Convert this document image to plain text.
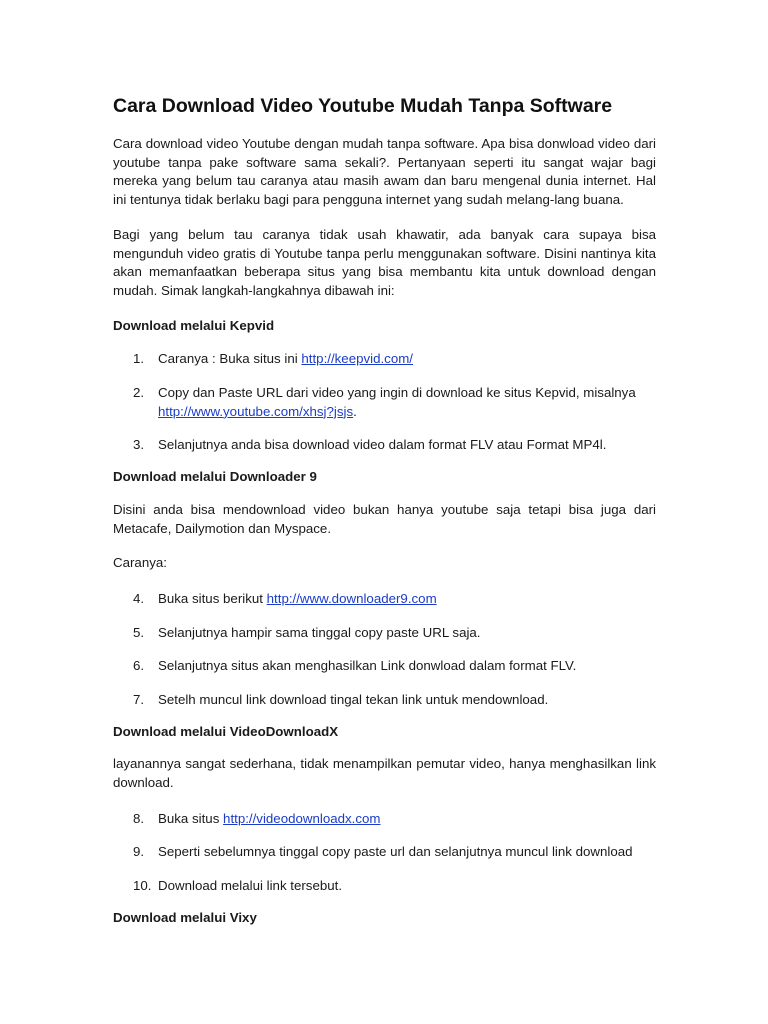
Cara Download Video Youtube Mudah Tanpa Software

Cara download video Youtube dengan mudah tanpa software. Apa bisa donwload video dari youtube tanpa pake software sama sekali?. Pertanyaan seperti itu sangat wajar bagi mereka yang belum tau caranya atau masih awam dan baru mengenal dunia internet. Hal ini tentunya tidak berlaku bagi para pengguna internet yang sudah melang-lang buana.

Bagi yang belum tau caranya tidak usah khawatir, ada banyak cara supaya bisa mengunduh video gratis di Youtube tanpa perlu menggunakan software. Disini nantinya kita akan memanfaatkan beberapa situs yang bisa membantu kita untuk download dengan mudah. Simak langkah-langkahnya dibawah ini:

Download melalui Kepvid

1. Caranya : Buka situs ini http://keepvid.com/
2. Copy dan Paste URL dari video yang ingin di download ke situs Kepvid, misalnya http://www.youtube.com/xhsj?jsjs.
3. Selanjutnya anda bisa download video dalam format FLV atau Format MP4l.

Download melalui Downloader 9

Disini anda bisa mendownload video bukan hanya youtube saja tetapi bisa juga dari Metacafe, Dailymotion dan Myspace.

Caranya:

4. Buka situs berikut http://www.downloader9.com
5. Selanjutnya hampir sama tinggal copy paste URL saja.
6. Selanjutnya situs akan menghasilkan Link donwload dalam format FLV.
7. Setelh muncul link download tingal tekan link untuk mendownload.

Download melalui VideoDownloadX

layanannya sangat sederhana, tidak menampilkan pemutar video, hanya menghasilkan link download.

8. Buka situs http://videodownloadx.com
9. Seperti sebelumnya tinggal copy paste url dan selanjutnya muncul link download
10. Download melalui link tersebut.

Download melalui Vixy
